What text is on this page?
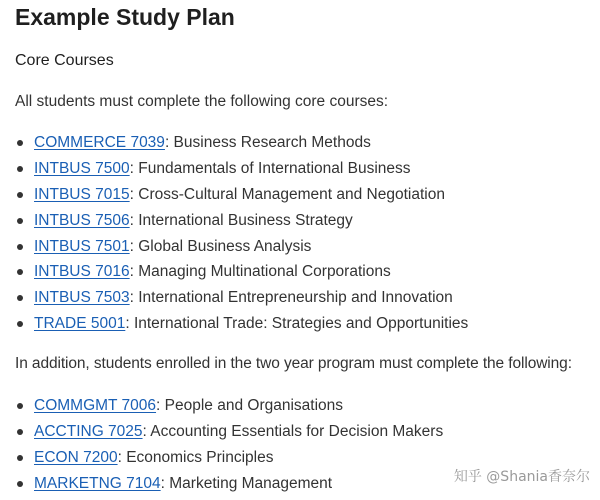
Example Study Plan
Core Courses

All students must complete the following core courses:

COMMERCE 7039: Business Research Methods
INTBUS 7500: Fundamentals of International Business
INTBUS 7015: Cross-Cultural Management and Negotiation
INTBUS 7506: International Business Strategy
INTBUS 7501: Global Business Analysis
INTBUS 7016: Managing Multinational Corporations
INTBUS 7503: International Entrepreneurship and Innovation
TRADE 5001: International Trade: Strategies and Opportunities

In addition, students enrolled in the two year program must complete the following:

COMMGMT 7006: People and Organisations
ACCTING 7025: Accounting Essentials for Decision Makers
ECON 7200: Economics Principles
MARKETNG 7104: Marketing Management	知乎 @Shania香奈尔
